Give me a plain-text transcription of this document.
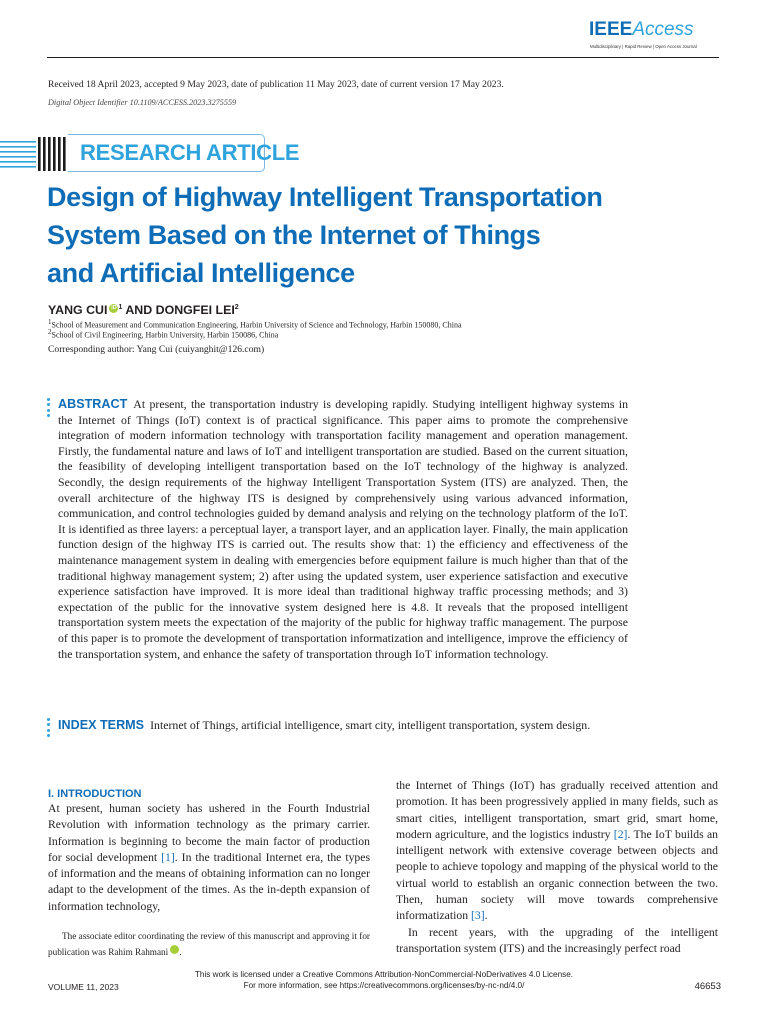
IEEEAccess
Multidisciplinary | Rapid Review | Open Access Journal
Received 18 April 2023, accepted 9 May 2023, date of publication 11 May 2023, date of current version 17 May 2023.
Digital Object Identifier 10.1109/ACCESS.2023.3275559
RESEARCH ARTICLE
Design of Highway Intelligent Transportation
System Based on the Internet of Things
and Artificial Intelligence
YANG CUI iD $^1$ AND DONGFEI LEI$^2$
$^1$School of Measurement and Communication Engineering, Harbin University of Science and Technology, Harbin 150080, China
$^2$School of Civil Engineering, Harbin University, Harbin 150086, China
Corresponding author: Yang Cui (cuiyanghit@126.com)
ABSTRACT At present, the transportation industry is developing rapidly. Studying intelligent highway systems in the Internet of Things (IoT) context is of practical significance. This paper aims to promote the comprehensive integration of modern information technology with transportation facility management and operation management. Firstly, the fundamental nature and laws of IoT and intelligent transportation are studied. Based on the current situation, the feasibility of developing intelligent transportation based on the IoT technology of the highway is analyzed. Secondly, the design requirements of the highway Intelligent Transportation System (ITS) are analyzed. Then, the overall architecture of the highway ITS is designed by comprehensively using various advanced information, communication, and control technologies guided by demand analysis and relying on the technology platform of the IoT. It is identified as three layers: a perceptual layer, a transport layer, and an application layer. Finally, the main application function design of the highway ITS is carried out. The results show that: 1) the efficiency and effectiveness of the maintenance management system in dealing with emergencies before equipment failure is much higher than that of the traditional highway management system; 2) after using the updated system, user experience satisfaction and executive experience satisfaction have improved. It is more ideal than traditional highway traffic processing methods; and 3) expectation of the public for the innovative system designed here is 4.8. It reveals that the proposed intelligent transportation system meets the expectation of the majority of the public for highway traffic management. The purpose of this paper is to promote the development of transportation informatization and intelligence, improve the efficiency of the transportation system, and enhance the safety of transportation through IoT information technology.
INDEX TERMS Internet of Things, artificial intelligence, smart city, intelligent transportation, system design.
I. INTRODUCTION
At present, human society has ushered in the Fourth Industrial Revolution with information technology as the primary carrier. Information is beginning to become the main factor of production for social development [1]. In the traditional Internet era, the types of information and the means of obtaining information can no longer adapt to the development of the times. As the in-depth expansion of information technology,
The associate editor coordinating the review of this manuscript and approving it for publication was Rahim Rahmani	iD.
the Internet of Things (IoT) has gradually received attention and promotion. It has been progressively applied in many fields, such as smart cities, intelligent transportation, smart grid, smart home, modern agriculture, and the logistics industry [2]. The IoT builds an intelligent network with extensive coverage between objects and people to achieve topology and mapping of the physical world to the virtual world to establish an organic connection between the two. Then, human society will move towards comprehensive informatization [3].
In recent years, with the upgrading of the intelligent transportation system (ITS) and the increasingly perfect road
This work is licensed under a Creative Commons Attribution-NonCommercial-NoDerivatives 4.0 License.
For more information, see https://creativecommons.org/licenses/by-nc-nd/4.0/
VOLUME 11, 2023	46653
